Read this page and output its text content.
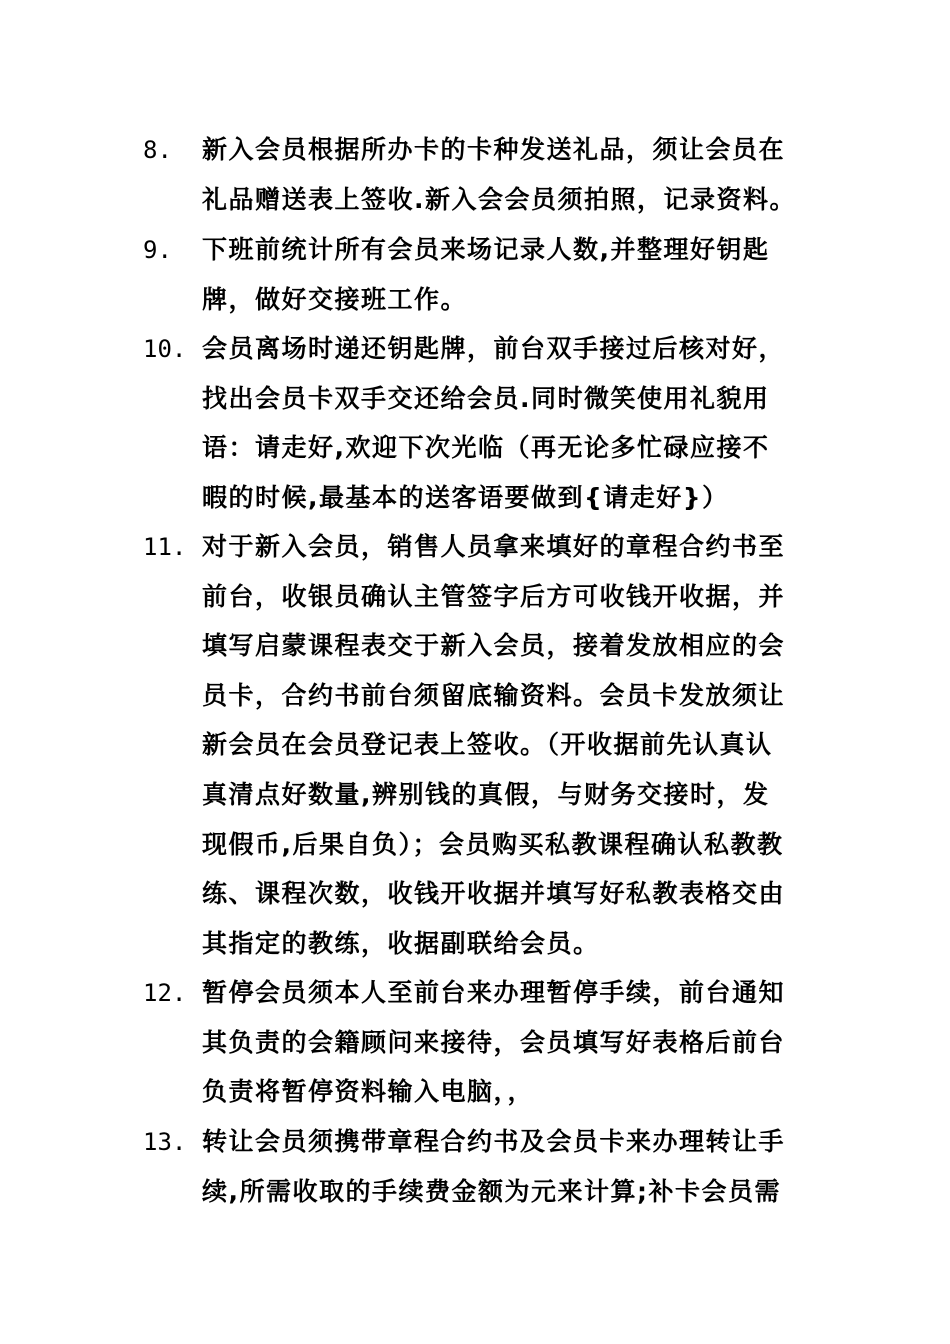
8. 新入会员根据所办卡的卡种发送礼品，须让会员在
礼品赠送表上签收.新入会会员须拍照，记录资料。
9. 下班前统计所有会员来场记录人数,并整理好钥匙
牌，做好交接班工作。
10. 会员离场时递还钥匙牌，前台双手接过后核对好，
找出会员卡双手交还给会员.同时微笑使用礼貌用
语：请走好,欢迎下次光临（再无论多忙碌应接不
暇的时候,最基本的送客语要做到{请走好}）
11. 对于新入会员，销售人员拿来填好的章程合约书至
前台，收银员确认主管签字后方可收钱开收据，并
填写启蒙课程表交于新入会员，接着发放相应的会
员卡，合约书前台须留底输资料。会员卡发放须让
新会员在会员登记表上签收。（开收据前先认真认
真清点好数量,辨别钱的真假，与财务交接时，发
现假币,后果自负）；会员购买私教课程确认私教教
练、课程次数，收钱开收据并填写好私教表格交由
其指定的教练，收据副联给会员。
12. 暂停会员须本人至前台来办理暂停手续，前台通知
其负责的会籍顾问来接待，会员填写好表格后前台
负责将暂停资料输入电脑，，
13. 转让会员须携带章程合约书及会员卡来办理转让手
续,所需收取的手续费金额为元来计算;补卡会员需
